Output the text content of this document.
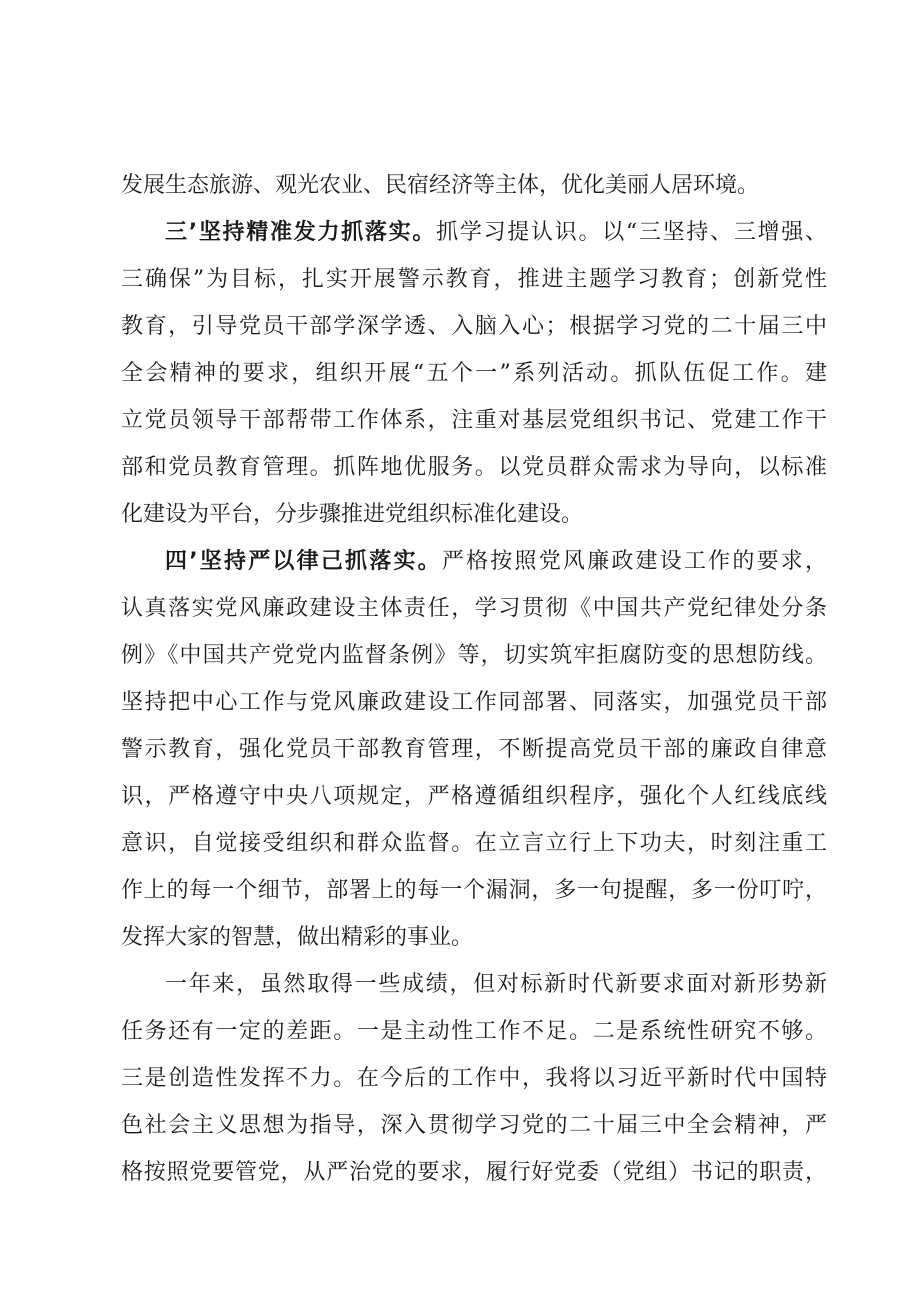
发展生态旅游、观光农业、民宿经济等主体，优化美丽人居环境。
三’坚持精准发力抓落实。抓学习提认识。以“三坚持、三增强、
三确保”为目标，扎实开展警示教育，推进主题学习教育；创新党性
教育，引导党员干部学深学透、入脑入心；根据学习党的二十届三中
全会精神的要求，组织开展“五个一”系列活动。抓队伍促工作。建
立党员领导干部帮带工作体系，注重对基层党组织书记、党建工作干
部和党员教育管理。抓阵地优服务。以党员群众需求为导向，以标准
化建设为平台，分步骤推进党组织标准化建设。
四’坚持严以律己抓落实。严格按照党风廉政建设工作的要求，
认真落实党风廉政建设主体责任，学习贯彻《中国共产党纪律处分条
例》《中国共产党党内监督条例》等，切实筑牢拒腐防变的思想防线。
坚持把中心工作与党风廉政建设工作同部署、同落实，加强党员干部
警示教育，强化党员干部教育管理，不断提高党员干部的廉政自律意
识，严格遵守中央八项规定，严格遵循组织程序，强化个人红线底线
意识，自觉接受组织和群众监督。在立言立行上下功夫，时刻注重工
作上的每一个细节，部署上的每一个漏洞，多一句提醒，多一份叮咛，
发挥大家的智慧，做出精彩的事业。
一年来，虽然取得一些成绩，但对标新时代新要求面对新形势新
任务还有一定的差距。一是主动性工作不足。二是系统性研究不够。
三是创造性发挥不力。在今后的工作中，我将以习近平新时代中国特
色社会主义思想为指导，深入贯彻学习党的二十届三中全会精神，严
格按照党要管党，从严治党的要求，履行好党委（党组）书记的职责，
